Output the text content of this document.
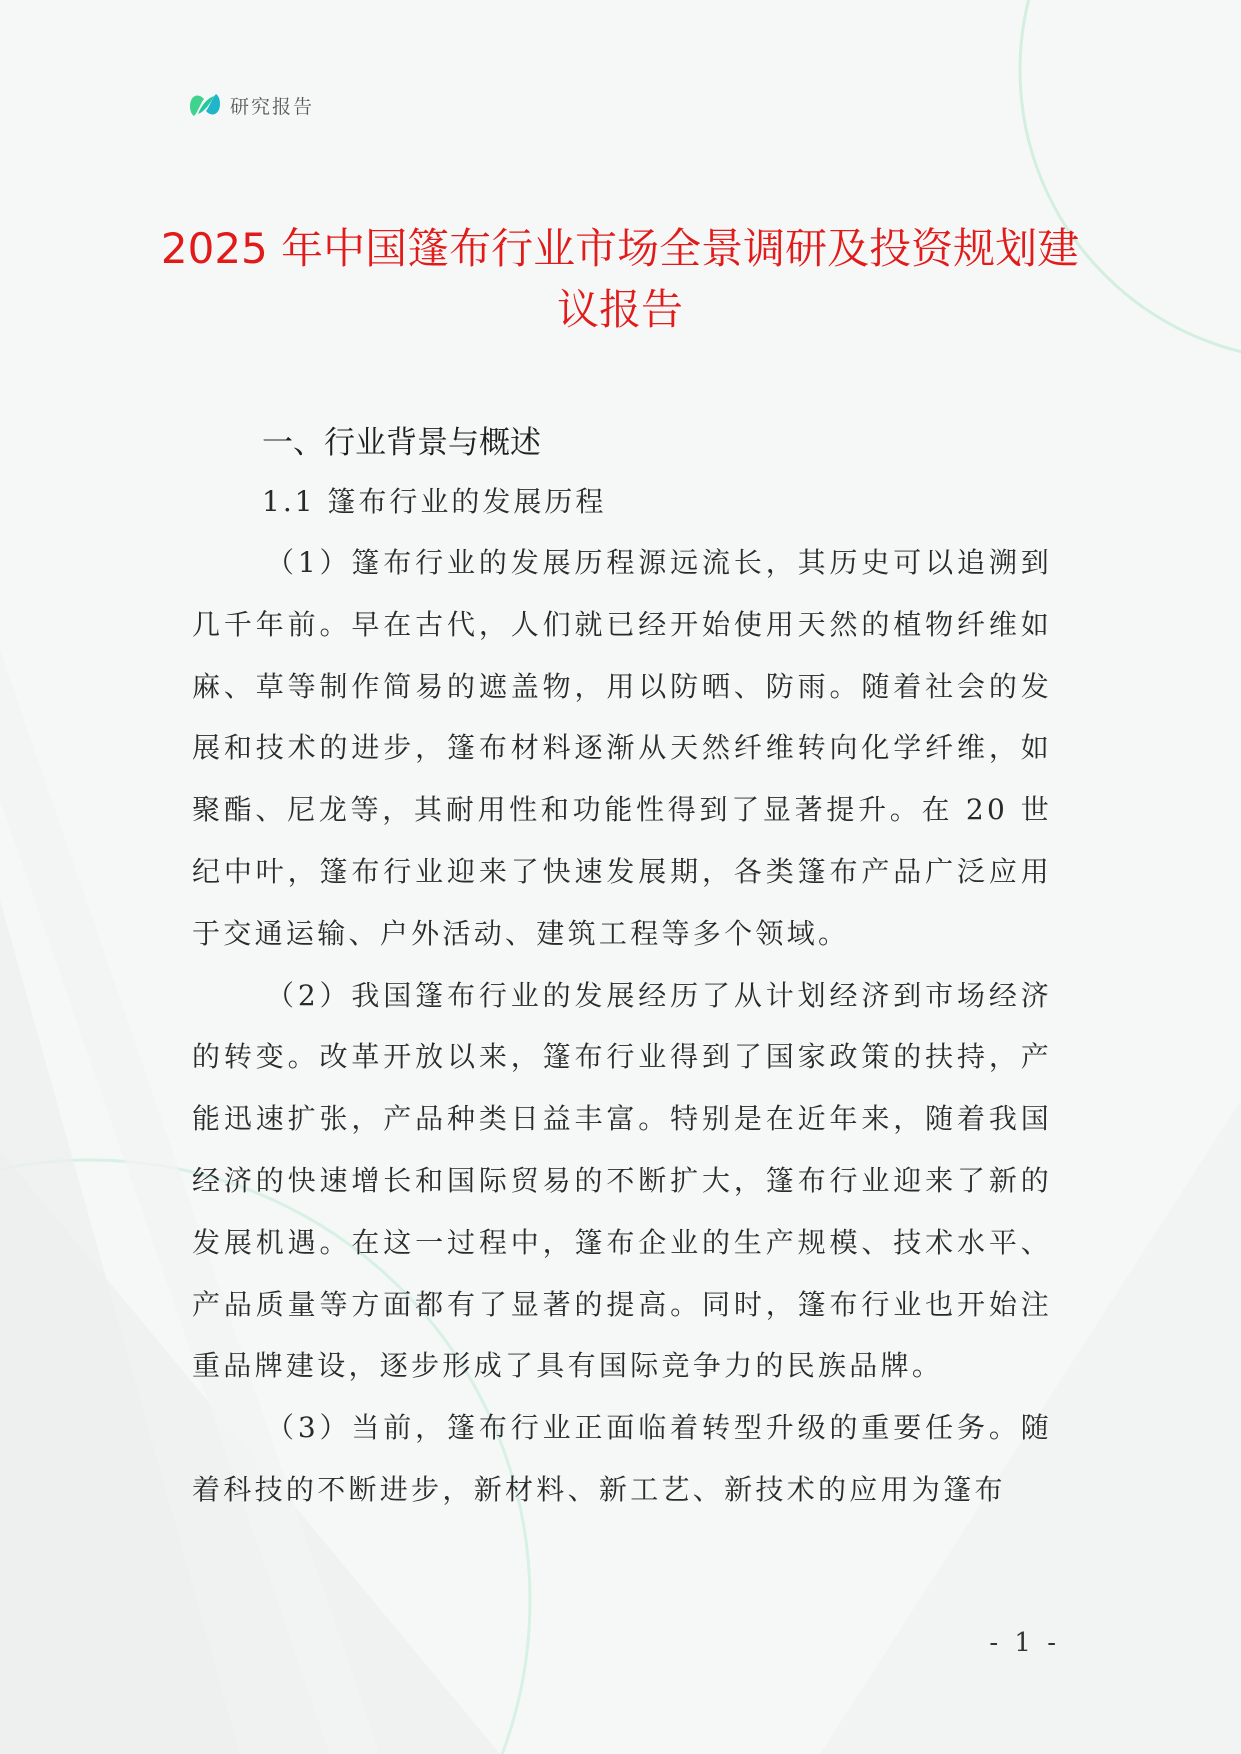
研究报告
2025 年中国篷布行业市场全景调研及投资规划建议报告
一、行业背景与概述
1.1 篷布行业的发展历程

（1）篷布行业的发展历程源远流长，其历史可以追溯到几千年前。早在古代，人们就已经开始使用天然的植物纤维如麻、草等制作简易的遮盖物，用以防晒、防雨。随着社会的发展和技术的进步，篷布材料逐渐从天然纤维转向化学纤维，如聚酯、尼龙等，其耐用性和功能性得到了显著提升。在 20 世纪中叶，篷布行业迎来了快速发展期，各类篷布产品广泛应用于交通运输、户外活动、建筑工程等多个领域。

（2）我国篷布行业的发展经历了从计划经济到市场经济的转变。改革开放以来，篷布行业得到了国家政策的扶持，产能迅速扩张，产品种类日益丰富。特别是在近年来，随着我国经济的快速增长和国际贸易的不断扩大，篷布行业迎来了新的发展机遇。在这一过程中，篷布企业的生产规模、技术水平、产品质量等方面都有了显著的提高。同时，篷布行业也开始注重品牌建设，逐步形成了具有国际竞争力的民族品牌。

（3）当前，篷布行业正面临着转型升级的重要任务。随着科技的不断进步，新材料、新工艺、新技术的应用为篷布

- 1 -
